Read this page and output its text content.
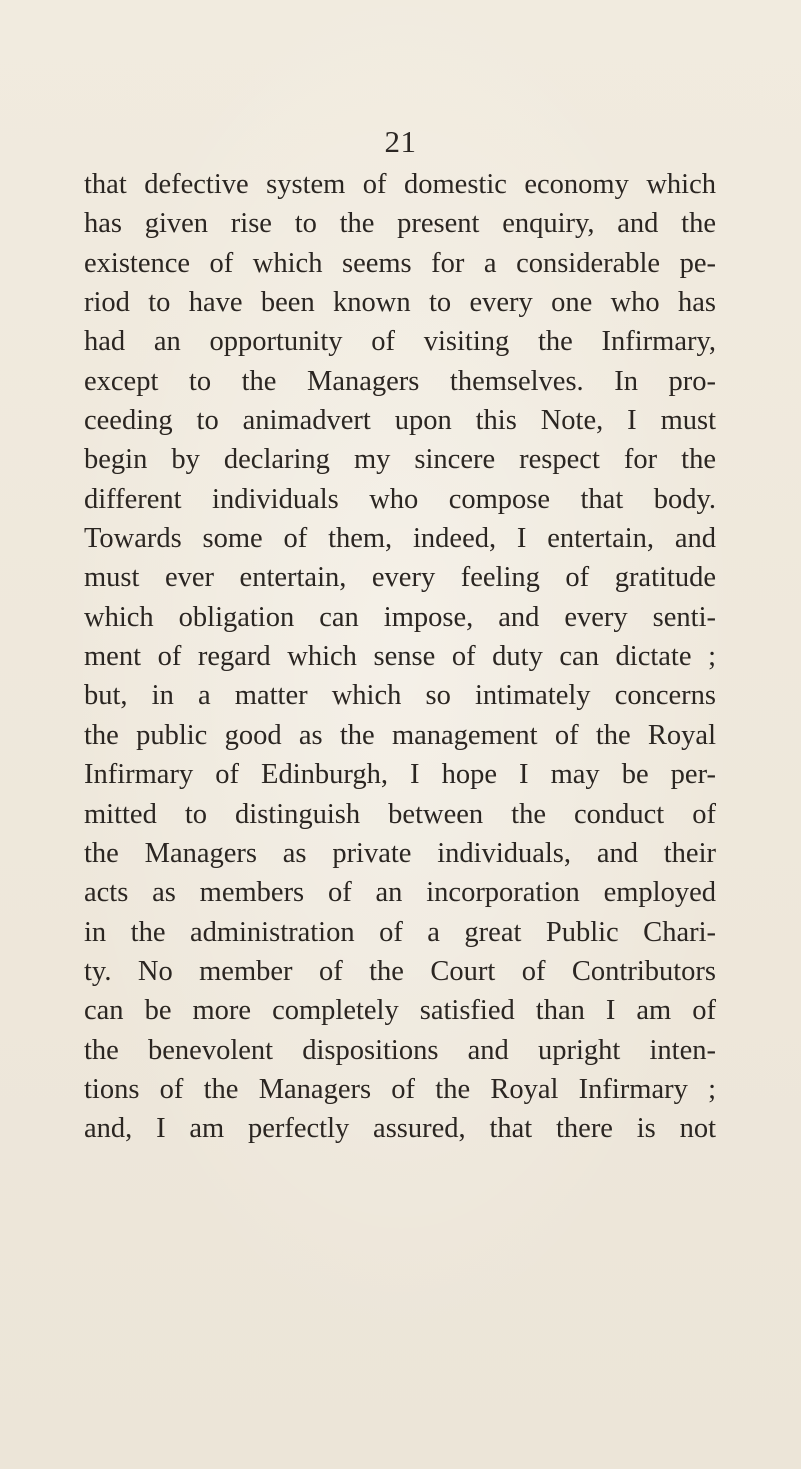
21
that defective system of domestic economy which
has given rise to the present enquiry, and the
existence of which seems for a considerable pe-
riod to have been known to every one who has
had an opportunity of visiting the Infirmary,
except to the Managers themselves. In pro-
ceeding to animadvert upon this Note, I must
begin by declaring my sincere respect for the
different individuals who compose that body.
Towards some of them, indeed, I entertain, and
must ever entertain, every feeling of gratitude
which obligation can impose, and every senti-
ment of regard which sense of duty can dictate ;
but, in a matter which so intimately concerns
the public good as the management of the Royal
Infirmary of Edinburgh, I hope I may be per-
mitted to distinguish between the conduct of
the Managers as private individuals, and their
acts as members of an incorporation employed
in the administration of a great Public Chari-
ty. No member of the Court of Contributors
can be more completely satisfied than I am of
the benevolent dispositions and upright inten-
tions of the Managers of the Royal Infirmary ;
and, I am perfectly assured, that there is not
